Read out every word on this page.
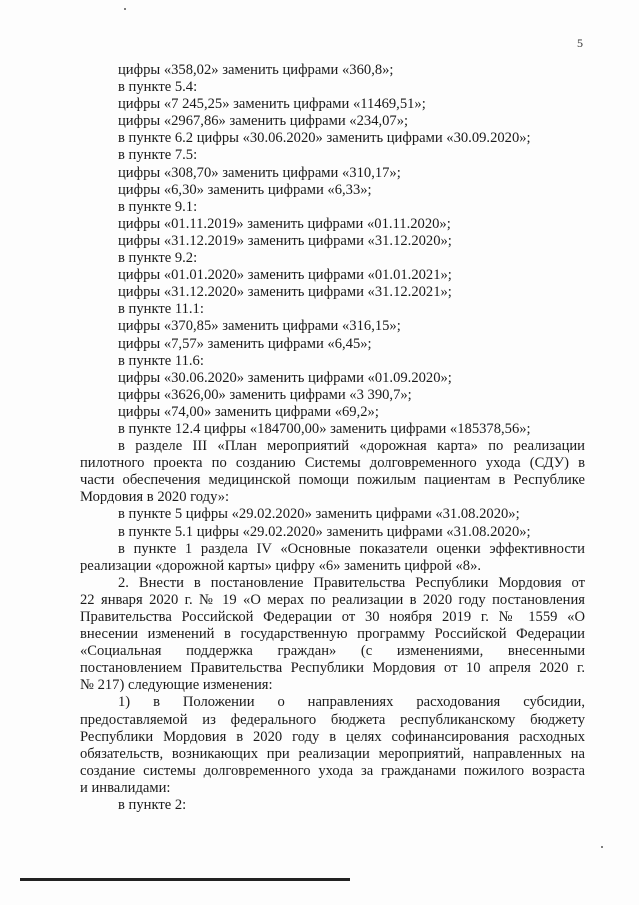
5
цифры «358,02» заменить цифрами «360,8»;
в пункте 5.4:
цифры «7 245,25» заменить цифрами «11469,51»;
цифры «2967,86» заменить цифрами «234,07»;
в пункте 6.2 цифры «30.06.2020» заменить цифрами «30.09.2020»;
в пункте 7.5:
цифры «308,70» заменить цифрами «310,17»;
цифры «6,30» заменить цифрами «6,33»;
в пункте 9.1:
цифры «01.11.2019» заменить цифрами «01.11.2020»;
цифры «31.12.2019» заменить цифрами «31.12.2020»;
в пункте 9.2:
цифры «01.01.2020» заменить цифрами «01.01.2021»;
цифры «31.12.2020» заменить цифрами «31.12.2021»;
в пункте 11.1:
цифры «370,85» заменить цифрами «316,15»;
цифры «7,57» заменить цифрами «6,45»;
в пункте 11.6:
цифры «30.06.2020» заменить цифрами «01.09.2020»;
цифры «3626,00» заменить цифрами «3 390,7»;
цифры «74,00» заменить цифрами «69,2»;
в пункте 12.4 цифры «184700,00» заменить цифрами «185378,56»;
в разделе III «План мероприятий «дорожная карта» по реализации
пилотного проекта по созданию Системы долговременного ухода (СДУ) в
части обеспечения медицинской помощи пожилым пациентам в Республике
Мордовия в 2020 году»:
в пункте 5 цифры «29.02.2020» заменить цифрами «31.08.2020»;
в пункте 5.1 цифры «29.02.2020» заменить цифрами «31.08.2020»;
в пункте 1 раздела IV «Основные показатели оценки эффективности
реализации «дорожной карты» цифру «6» заменить цифрой «8».
2. Внести в постановление Правительства Республики Мордовия от
22 января 2020 г. № 19 «О мерах по реализации в 2020 году постановления
Правительства Российской Федерации от 30 ноября 2019 г. № 1559 «О
внесении изменений в государственную программу Российской Федерации
«Социальная поддержка граждан» (с изменениями, внесенными
постановлением Правительства Республики Мордовия от 10 апреля 2020 г.
№ 217) следующие изменения:
1) в Положении о направлениях расходования субсидии,
предоставляемой из федерального бюджета республиканскому бюджету
Республики Мордовия в 2020 году в целях софинансирования расходных
обязательств, возникающих при реализации мероприятий, направленных на
создание системы долговременного ухода за гражданами пожилого возраста
и инвалидами:
в пункте 2:
